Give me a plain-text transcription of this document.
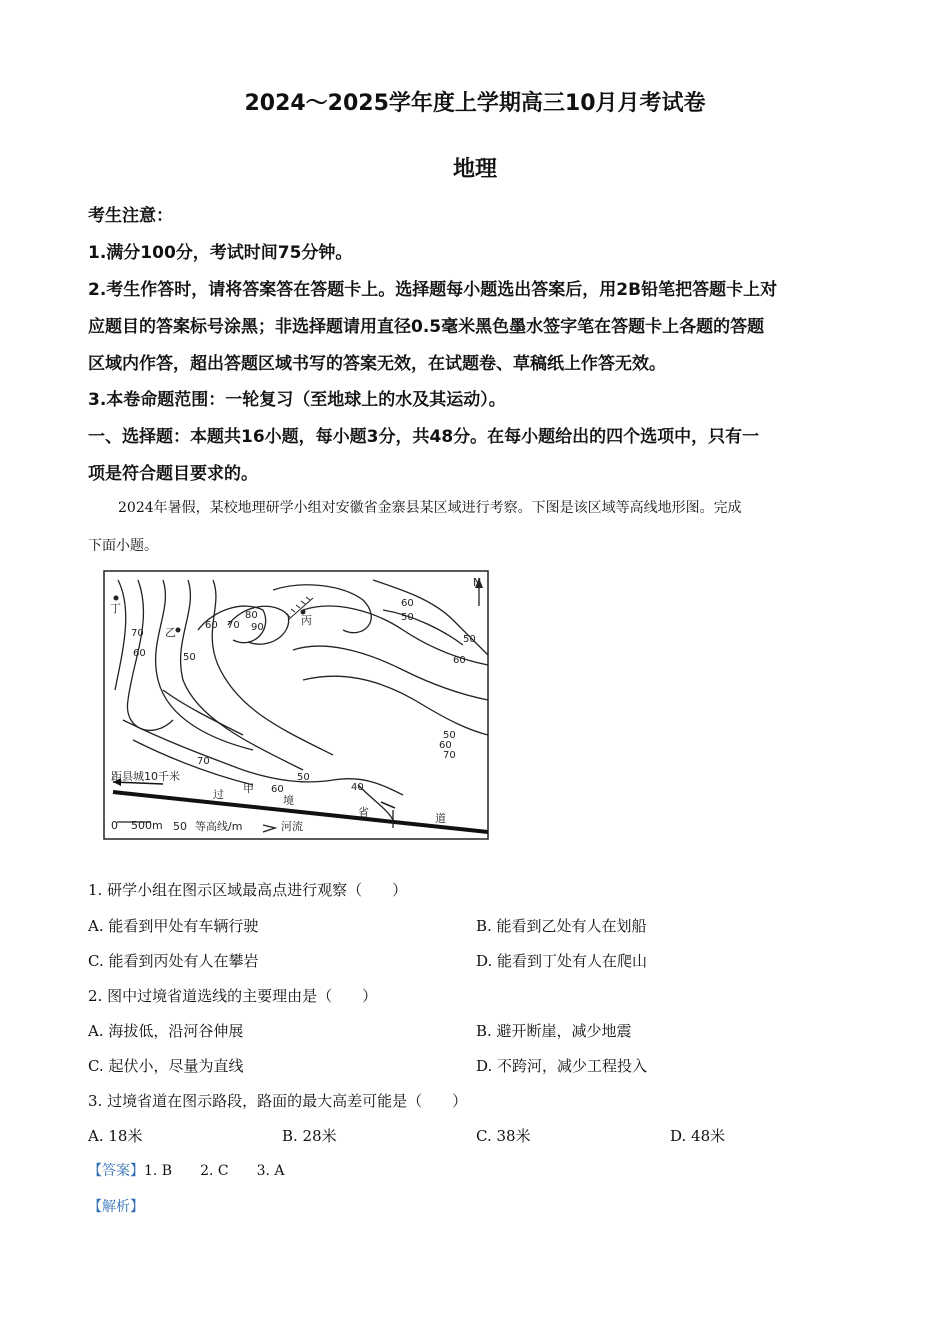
2024～2025学年度上学期高三10月月考试卷
地理
考生注意：
1.满分100分，考试时间75分钟。
2.考生作答时，请将答案答在答题卡上。选择题每小题选出答案后，用2B铅笔把答题卡上对
应题目的答案标号涂黑；非选择题请用直径0.5毫米黑色墨水签字笔在答题卡上各题的答题
区域内作答，超出答题区域书写的答案无效，在试题卷、草稿纸上作答无效。
3.本卷命题范围：一轮复习（至地球上的水及其运动）。
一、选择题：本题共16小题，每小题3分，共48分。在每小题给出的四个选项中，只有一
项是符合题目要求的。
2024年暑假，某校地理研学小组对安徽省金寨县某区域进行考察。下图是该区域等高线地形图。完成
下面小题。
丁
乙
丙
N
距县城10千米
过 甲
境
省	道
0 500m 50 等高线/m	河流
70
60	50
60 70
80
90
60
50
50
60
50
60
70
70
60
50
40
1. 研学小组在图示区域最高点进行观察（　　）
A. 能看到甲处有车辆行驶	B. 能看到乙处有人在划船
C. 能看到丙处有人在攀岩	D. 能看到丁处有人在爬山
2. 图中过境省道选线的主要理由是（　　）
A. 海拔低，沿河谷伸展	B. 避开断崖，减少地震
C. 起伏小，尽量为直线	D. 不跨河，减少工程投入
3. 过境省道在图示路段，路面的最大高差可能是（　　）
A. 18米	B. 28米	C. 38米	D. 48米
【答案】1. B　　2. C　　3. A
【解析】
